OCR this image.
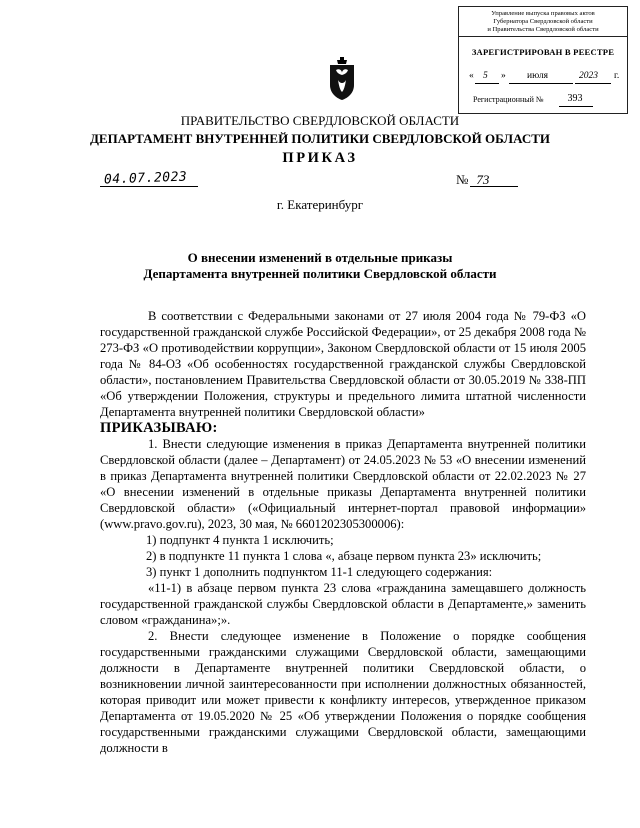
Управление выпуска правовых актов
Губернатора Свердловской области
и Правительства Свердловской области
ЗАРЕГИСТРИРОВАН В РЕЕСТРЕ
« 5 » июля	2023 г.
Регистрационный №	393
ПРАВИТЕЛЬСТВО СВЕРДЛОВСКОЙ ОБЛАСТИ
ДЕПАРТАМЕНТ ВНУТРЕННЕЙ ПОЛИТИКИ СВЕРДЛОВСКОЙ ОБЛАСТИ
ПРИКАЗ
04.07.2023	№ 73
г. Екатеринбург
О внесении изменений в отдельные приказы
Департамента внутренней политики Свердловской области

В соответствии с Федеральными законами от 27 июля 2004 года № 79-ФЗ «О государственной гражданской службе Российской Федерации», от 25 декабря 2008 года № 273-ФЗ «О противодействии коррупции», Законом Свердловской области от 15 июля 2005 года № 84-ОЗ «Об особенностях государственной гражданской службы Свердловской области», постановлением Правительства Свердловской области от 30.05.2019 № 338-ПП «Об утверждении Положения, структуры и предельного лимита штатной численности Департамента внутренней политики Свердловской области»

ПРИКАЗЫВАЮ:

1. Внести следующие изменения в приказ Департамента внутренней политики Свердловской области (далее – Департамент) от 24.05.2023 № 53 «О внесении изменений в приказ Департамента внутренней политики Свердловской области от 22.02.2023 № 27 «О внесении изменений в отдельные приказы Департамента внутренней политики Свердловской области» («Официальный интернет-портал правовой информации» (www.pravo.gov.ru), 2023, 30 мая, № 6601202305300006):

1) подпункт 4 пункта 1 исключить;

2) в подпункте 11 пункта 1 слова «, абзаце первом пункта 23» исключить;

3) пункт 1 дополнить подпунктом 11-1 следующего содержания:

«11-1) в абзаце первом пункта 23 слова «гражданина замещавшего должность государственной гражданской службы Свердловской области в Департаменте,» заменить словом «гражданина»;».

2. Внести следующее изменение в Положение о порядке сообщения государственными гражданскими служащими Свердловской области, замещающими должности в Департаменте внутренней политики Свердловской области, о возникновении личной заинтересованности при исполнении должностных обязанностей, которая приводит или может привести к конфликту интересов, утвержденное приказом Департамента от 19.05.2020 № 25 «Об утверждении Положения о порядке сообщения государственными гражданскими служащими Свердловской области, замещающими должности в
